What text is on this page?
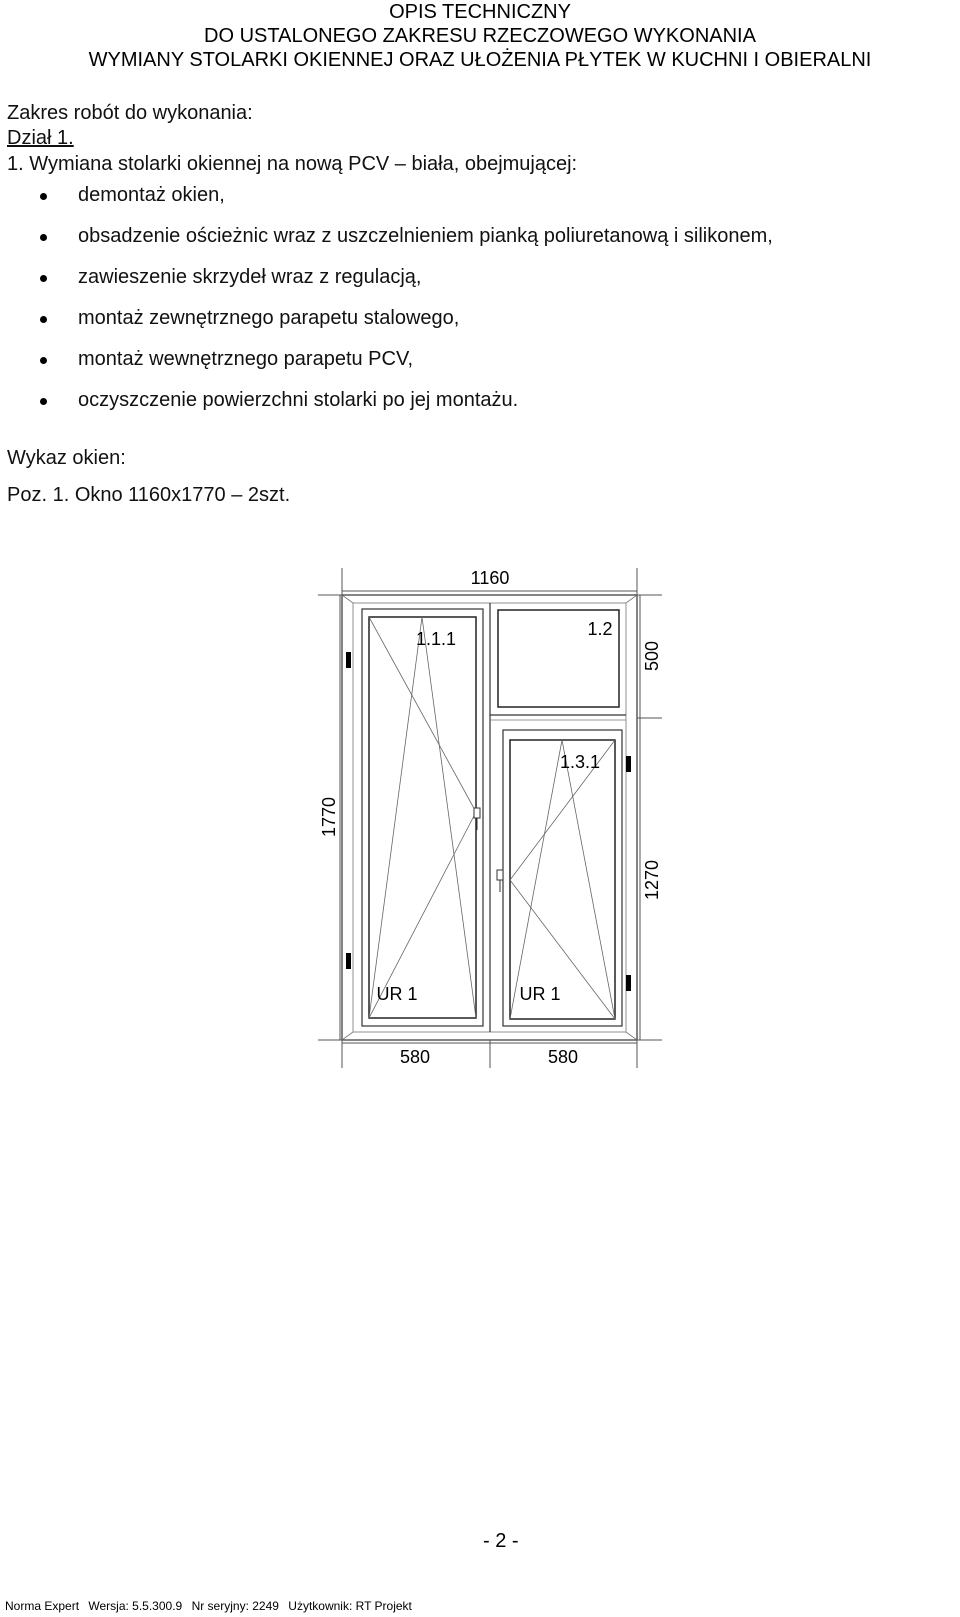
OPIS TECHNICZNY
DO USTALONEGO ZAKRESU RZECZOWEGO WYKONANIA
WYMIANY STOLARKI OKIENNEJ ORAZ UŁOŻENIA PŁYTEK W KUCHNI I OBIERALNI
Zakres robót do wykonania:
Dział 1.
1. Wymiana stolarki okiennej na nową PCV – biała, obejmującej:
demontaż okien,
obsadzenie ościeżnic wraz z uszczelnieniem pianką poliuretanową i silikonem,
zawieszenie skrzydeł wraz z regulacją,
montaż zewnętrznego parapetu stalowego,
montaż wewnętrznego parapetu PCV,
oczyszczenie powierzchni stolarki po jej montażu.
Wykaz okien:
Poz. 1. Okno 1160x1770 – 2szt.
1160
1.1.1
UR 1
1.2
1.3.1
UR 1
1770
500
1270
580	580
- 2 -
Norma Expert Wersja: 5.5.300.9 Nr seryjny: 2249 Użytkownik: RT Projekt
